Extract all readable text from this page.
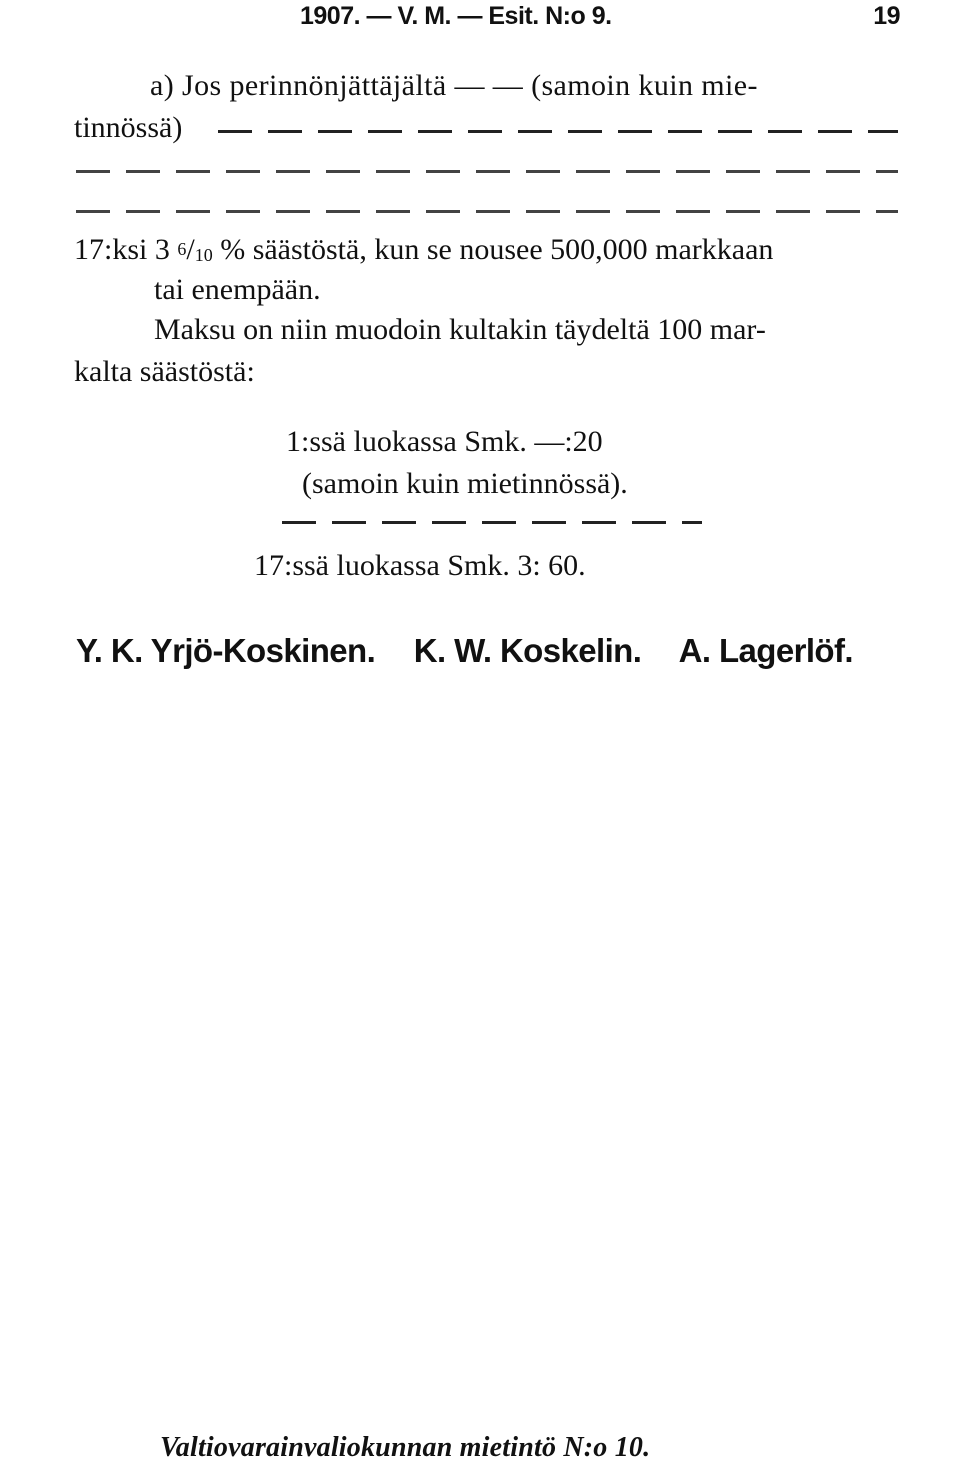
1907. — V. M. — Esit. N:o 9.	19
a) Jos perinnönjättäjältä — — (samoin kuin mie-
tinnössä)
17:ksi 3 $^6/_{10}$ % säästöstä, kun se nousee 500,000 markkaan
tai enempään.
Maksu on niin muodoin kultakin täydeltä 100 mar-
kalta säästöstä:
1:ssä luokassa Smk. —:20
(samoin kuin mietinnössä).
17:ssä luokassa Smk. 3: 60.
Y. K. Yrjö-Koskinen. K. W. Koskelin. A. Lagerlöf.
Valtiovarainvaliokunnan mietintö N:o 10.
